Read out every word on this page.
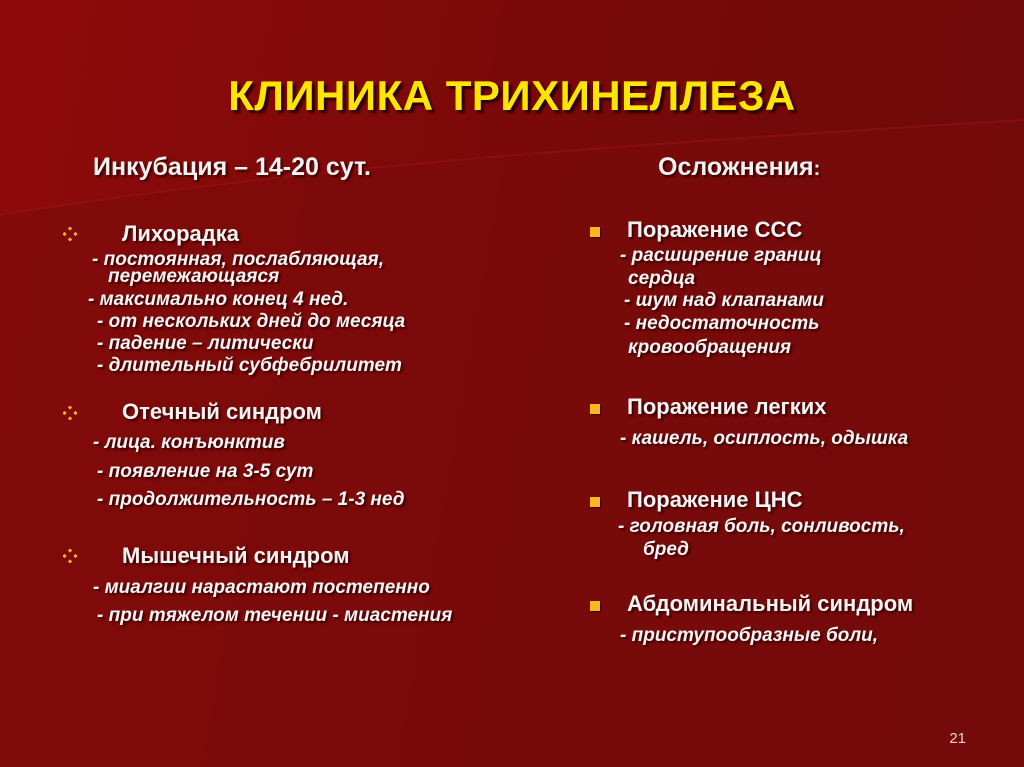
КЛИНИКА ТРИХИНЕЛЛЕЗА
Инкубация – 14-20 сут.	Осложнения:
Лихорадка
- постоянная, послабляющая,
перемежающаяся
- максимально конец 4 нед.
- от нескольких дней до месяца
- падение – литически
- длительный субфебрилитет
Отечный синдром
- лица. конъюнктив
- появление на 3-5 сут
- продолжительность – 1-3 нед
Мышечный синдром
- миалгии нарастают постепенно
- при тяжелом течении - миастения
Поражение ССС
- расширение границ
сердца
- шум над клапанами
- недостаточность
кровообращения
Поражение легких
- кашель, осиплость, одышка
Поражение ЦНС
- головная боль, сонливость,
бред
Абдоминальный синдром
- приступообразные боли,
21
